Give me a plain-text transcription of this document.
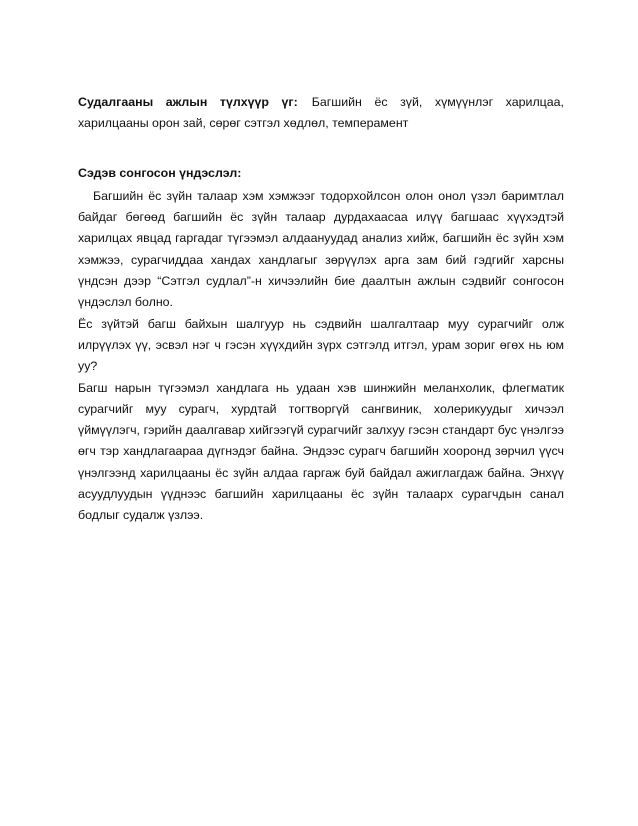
Судалгааны ажлын түлхүүр үг: Багшийн ёс зүй, хүмүүнлэг харилцаа, харилцааны орон зай, сөрөг сэтгэл хөдлөл, темперамент

Сэдэв сонгосон үндэслэл:

Багшийн ёс зүйн талаар хэм хэмжээг тодорхойлсон олон онол үзэл баримтлал байдаг бөгөөд багшийн ёс зүйн талаар дурдахаасаа илүү багшаас хүүхэдтэй харилцах явцад гаргадаг түгээмэл алдаануудад анализ хийж, багшийн ёс зүйн хэм хэмжээ, сурагчиддаа хандах хандлагыг зөрүүлэх арга зам бий гэдгийг харсны үндсэн дээр “Сэтгэл судлал”-н хичээлийн бие даалтын ажлын сэдвийг сонгосон үндэслэл болно.

Ёс зүйтэй багш байхын шалгуур нь сэдвийн шалгалтаар муу сурагчийг олж илрүүлэх үү, эсвэл нэг ч гэсэн хүүхдийн зүрх сэтгэлд итгэл, урам зориг өгөх нь юм уу?

Багш нарын түгээмэл хандлага нь удаан хэв шинжийн меланхолик, флегматик сурагчийг муу сурагч, хурдтай тогтворгүй сангвиник, холерикуудыг хичээл үймүүлэгч, гэрийн даалгавар хийгээгүй сурагчийг залхуу гэсэн стандарт бус үнэлгээ өгч тэр хандлагаараа дүгнэдэг байна. Эндээс сурагч багшийн хооронд зөрчил үүсч үнэлгээнд харилцааны ёс зүйн алдаа гаргаж буй байдал ажиглагдаж байна. Энхүү асуудлуудын үүднээс багшийн харилцааны ёс зүйн талаарх сурагчдын санал бодлыг судалж үзлээ.
